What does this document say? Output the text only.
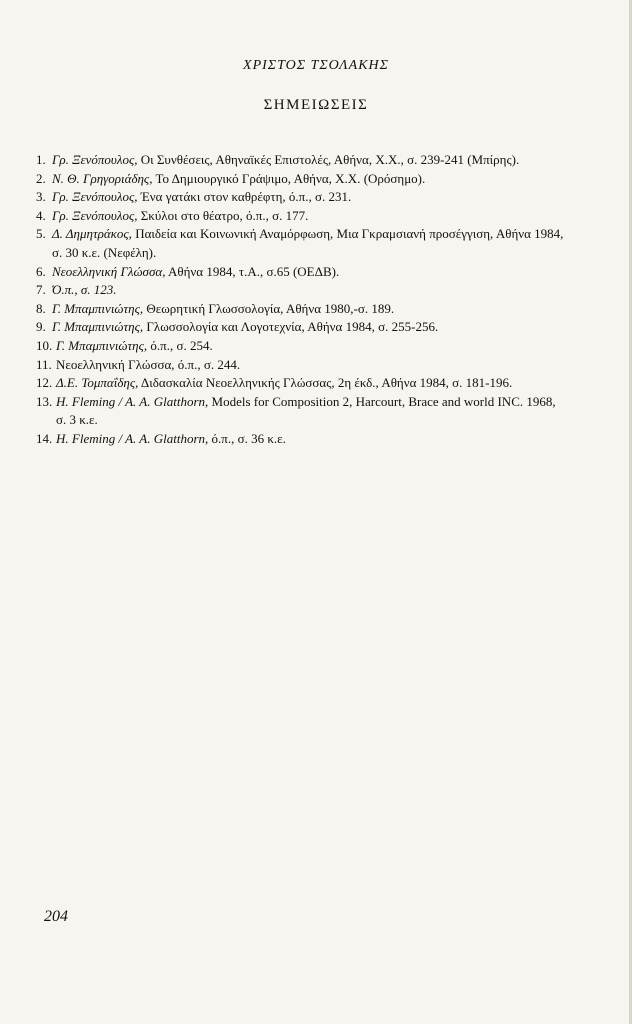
ΧΡΙΣΤΟΣ ΤΣΟΛΑΚΗΣ
ΣΗΜΕΙΩΣΕΙΣ
1. Γρ. Ξενόπουλος, Οι Συνθέσεις, Αθηναϊκές Επιστολές, Αθήνα, Χ.Χ., σ. 239-241 (Μπίρης).
2. Ν. Θ. Γρηγοριάδης, Το Δημιουργικό Γράψιμο, Αθήνα, Χ.Χ. (Ορόσημο).
3. Γρ. Ξενόπουλος, Ένα γατάκι στον καθρέφτη, ό.π., σ. 231.
4. Γρ. Ξενόπουλος, Σκύλοι στο θέατρο, ό.π., σ. 177.
5. Δ. Δημητράκος, Παιδεία και Κοινωνική Αναμόρφωση, Μια Γκραμσιανή προσέγγιση, Αθήνα 1984, σ. 30 κ.ε. (Νεφέλη).
6. Νεοελληνική Γλώσσα, Αθήνα 1984, τ.Α., σ.65 (ΟΕΔΒ).
7. Ό.π., σ. 123.
8. Γ. Μπαμπινιώτης, Θεωρητική Γλωσσολογία, Αθήνα 1980,-σ. 189.
9. Γ. Μπαμπινιώτης, Γλωσσολογία και Λογοτεχνία, Αθήνα 1984, σ. 255-256.
10. Γ. Μπαμπινιώτης, ό.π., σ. 254.
11. Νεοελληνική Γλώσσα, ό.π., σ. 244.
12. Δ.Ε. Τομπαΐδης, Διδασκαλία Νεοελληνικής Γλώσσας, 2η έκδ., Αθήνα 1984, σ. 181-196.
13. H. Fleming / A. A. Glatthorn, Models for Composition 2, Harcourt, Brace and world INC. 1968, σ. 3 κ.ε.
14. H. Fleming / A. A. Glatthorn, ό.π., σ. 36 κ.ε.
204
